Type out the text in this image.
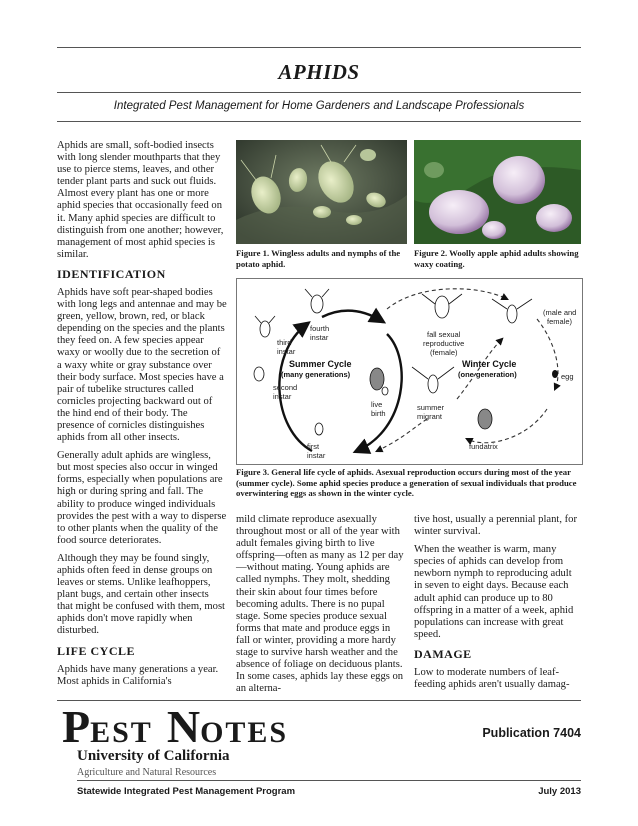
APHIDS
Integrated Pest Management for Home Gardeners and Landscape Professionals

Aphids are small, soft-bodied insects with long slender mouthparts that they use to pierce stems, leaves, and other tender plant parts and suck out fluids. Almost every plant has one or more aphid species that occasionally feed on it. Many aphid species are difficult to distinguish from one another; however, management of most aphid species is similar.

IDENTIFICATION

Aphids have soft pear-shaped bodies with long legs and antennae and may be green, yellow, brown, red, or black depending on the species and the plants they feed on. A few species appear waxy or woolly due to the secretion of a waxy white or gray substance over their body surface. Most species have a pair of tubelike structures called cornicles projecting backward out of the hind end of their body. The presence of cornicles distinguishes aphids from all other insects.

Generally adult aphids are wingless, but most species also occur in winged forms, especially when populations are high or during spring and fall. The ability to produce winged individuals provides the pest with a way to disperse to other plants when the quality of the food source deteriorates.

Although they may be found singly, aphids often feed in dense groups on leaves or stems. Unlike leafhoppers, plant bugs, and certain other insects that might be confused with them, most aphids don't move rapidly when disturbed.

LIFE CYCLE

Aphids have many generations a year. Most aphids in California's

Figure 1. Wingless adults and nymphs of the potato aphid.
Figure 2. Woolly apple aphid adults showing waxy coating.
fourth
instar
third
instar
Summer Cycle
(many generations)
second
instar
live
birth
first
instar
fall sexual
reproductive
(female)
(male and
female)
Winter Cycle
(one generation)	egg
summer
migrant
fundatrix
Figure 3. General life cycle of aphids. Asexual reproduction occurs during most of the year (summer cycle). Some aphid species produce a generation of sexual individuals that produce overwintering eggs as shown in the winter cycle.

mild climate reproduce asexually throughout most or all of the year with adult females giving birth to live offspring—often as many as 12 per day—without mating. Young aphids are called nymphs. They molt, shedding their skin about four times before becoming adults. There is no pupal stage. Some species produce sexual forms that mate and produce eggs in fall or winter, providing a more hardy stage to survive harsh weather and the absence of foliage on deciduous plants. In some cases, aphids lay these eggs on an alterna-

tive host, usually a perennial plant, for winter survival.

When the weather is warm, many species of aphids can develop from newborn nymph to reproducing adult in seven to eight days. Because each adult aphid can produce up to 80 offspring in a matter of a week, aphid populations can increase with great speed.

DAMAGE

Low to moderate numbers of leaf-feeding aphids aren't usually damag-

PEST NOTES	Publication 7404
University of California
Agriculture and Natural Resources
Statewide Integrated Pest Management Program	July 2013
